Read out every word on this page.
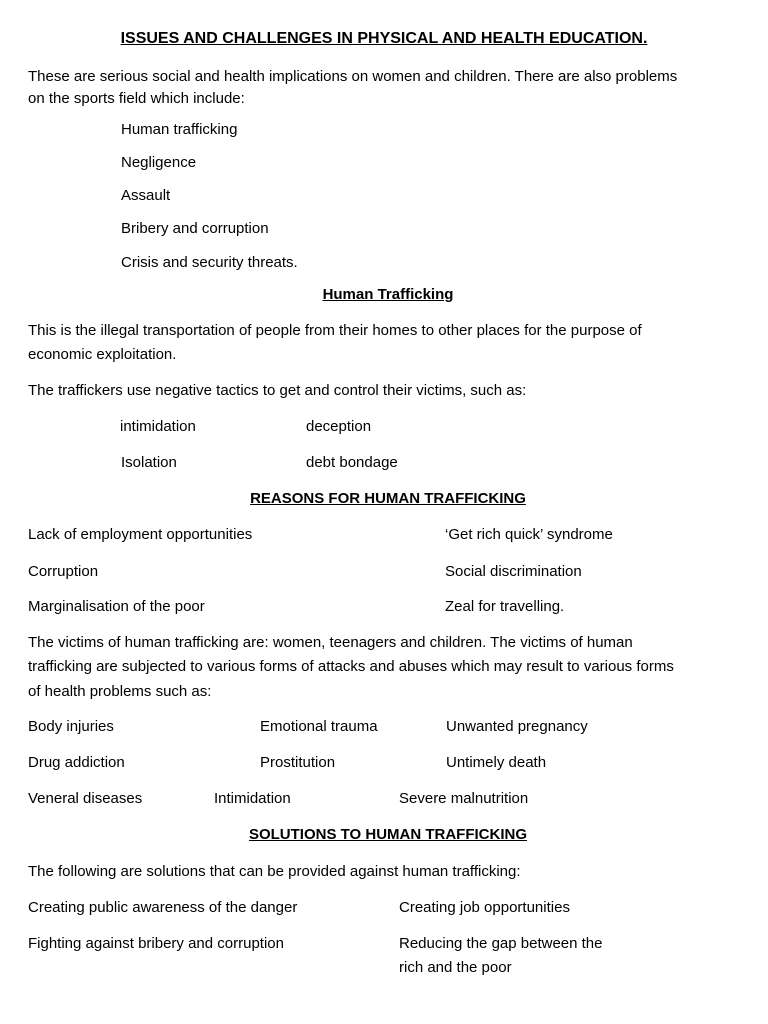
ISSUES AND CHALLENGES IN PHYSICAL AND HEALTH EDUCATION.
These are serious social and health implications on women and children. There are also problems
on the sports field which include:
Human trafficking
Negligence
Assault
Bribery and corruption
Crisis and security threats.
Human Trafficking
This is the illegal transportation of people from their homes to other places for the purpose of
economic exploitation.
The traffickers use negative tactics to get and control their victims, such as:
intimidation	deception
Isolation	debt bondage
REASONS FOR HUMAN TRAFFICKING
Lack of employment opportunities	‘Get rich quick’ syndrome
Corruption	Social discrimination
Marginalisation of the poor	Zeal for travelling.
The victims of human trafficking are: women, teenagers and children. The victims of human
trafficking are subjected to various forms of attacks and abuses which may result to various forms
of health problems such as:
Body injuries	Emotional trauma	Unwanted pregnancy
Drug addiction	Prostitution	Untimely death
Veneral diseases	Intimidation	Severe malnutrition
SOLUTIONS TO HUMAN TRAFFICKING
The following are solutions that can be provided against human trafficking:
Creating public awareness of the danger	Creating job opportunities
Fighting against bribery and corruption	Reducing the gap between the
rich and the poor
